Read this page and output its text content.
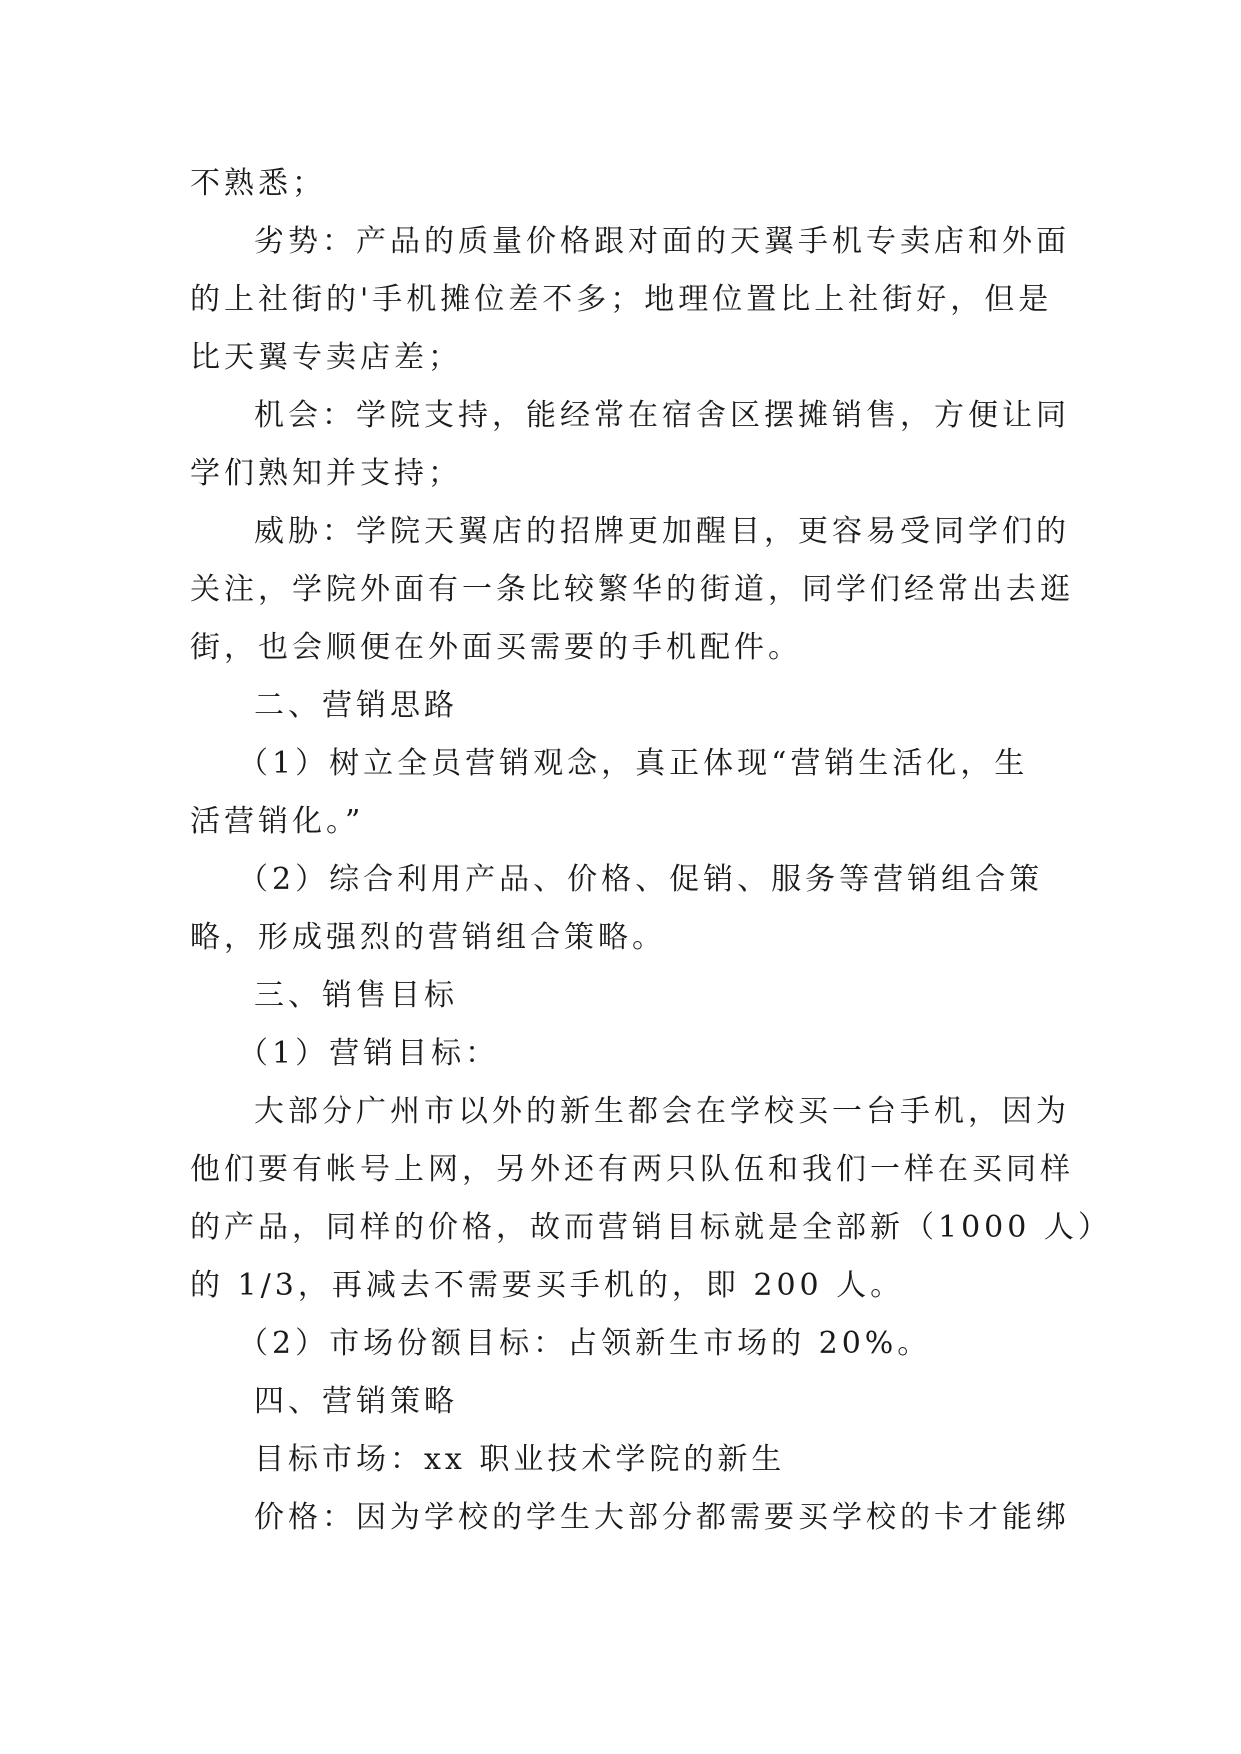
不熟悉；
劣势：产品的质量价格跟对面的天翼手机专卖店和外面
的上社街的'手机摊位差不多；地理位置比上社街好，但是
比天翼专卖店差；
机会：学院支持，能经常在宿舍区摆摊销售，方便让同
学们熟知并支持；
威胁：学院天翼店的招牌更加醒目，更容易受同学们的
关注，学院外面有一条比较繁华的街道，同学们经常出去逛
街，也会顺便在外面买需要的手机配件。
二、营销思路
（1）树立全员营销观念，真正体现“营销生活化，生
活营销化。”
（2）综合利用产品、价格、促销、服务等营销组合策
略，形成强烈的营销组合策略。
三、销售目标
（1）营销目标：
大部分广州市以外的新生都会在学校买一台手机，因为
他们要有帐号上网，另外还有两只队伍和我们一样在买同样
的产品，同样的价格，故而营销目标就是全部新（1000 人）
的 1/3，再减去不需要买手机的，即 200 人。
（2）市场份额目标：占领新生市场的 20%。
四、营销策略
目标市场：xx 职业技术学院的新生
价格：因为学校的学生大部分都需要买学校的卡才能绑
